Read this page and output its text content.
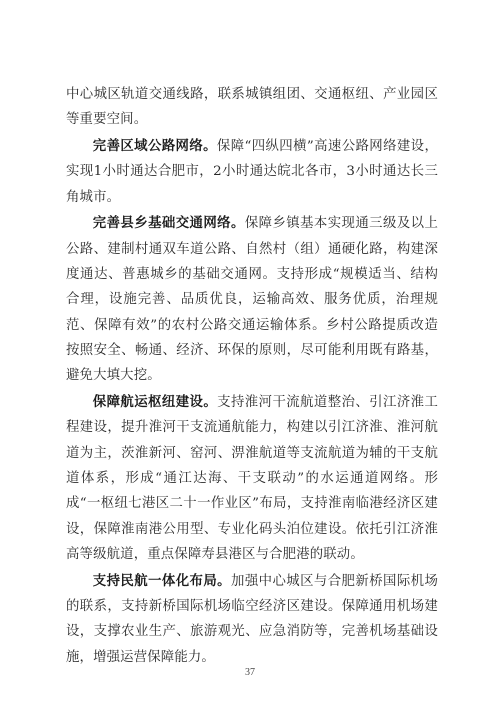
中心城区轨道交通线路，联系城镇组团、交通枢纽、产业园区等重要空间。

完善区域公路网络。保障“四纵四横”高速公路网络建设，实现1小时通达合肥市，2小时通达皖北各市，3小时通达长三角城市。

完善县乡基础交通网络。保障乡镇基本实现通三级及以上公路、建制村通双车道公路、自然村（组）通硬化路，构建深度通达、普惠城乡的基础交通网。支持形成“规模适当、结构合理，设施完善、品质优良，运输高效、服务优质，治理规范、保障有效”的农村公路交通运输体系。乡村公路提质改造按照安全、畅通、经济、环保的原则，尽可能利用既有路基，避免大填大挖。

保障航运枢纽建设。支持淮河干流航道整治、引江济淮工程建设，提升淮河干支流通航能力，构建以引江济淮、淮河航道为主，茨淮新河、窑河、淠淮航道等支流航道为辅的干支航道体系，形成“通江达海、干支联动”的水运通道网络。形成“一枢纽七港区二十一作业区”布局，支持淮南临港经济区建设，保障淮南港公用型、专业化码头泊位建设。依托引江济淮高等级航道，重点保障寿县港区与合肥港的联动。

支持民航一体化布局。加强中心城区与合肥新桥国际机场的联系，支持新桥国际机场临空经济区建设。保障通用机场建设，支撑农业生产、旅游观光、应急消防等，完善机场基础设施，增强运营保障能力。

37
